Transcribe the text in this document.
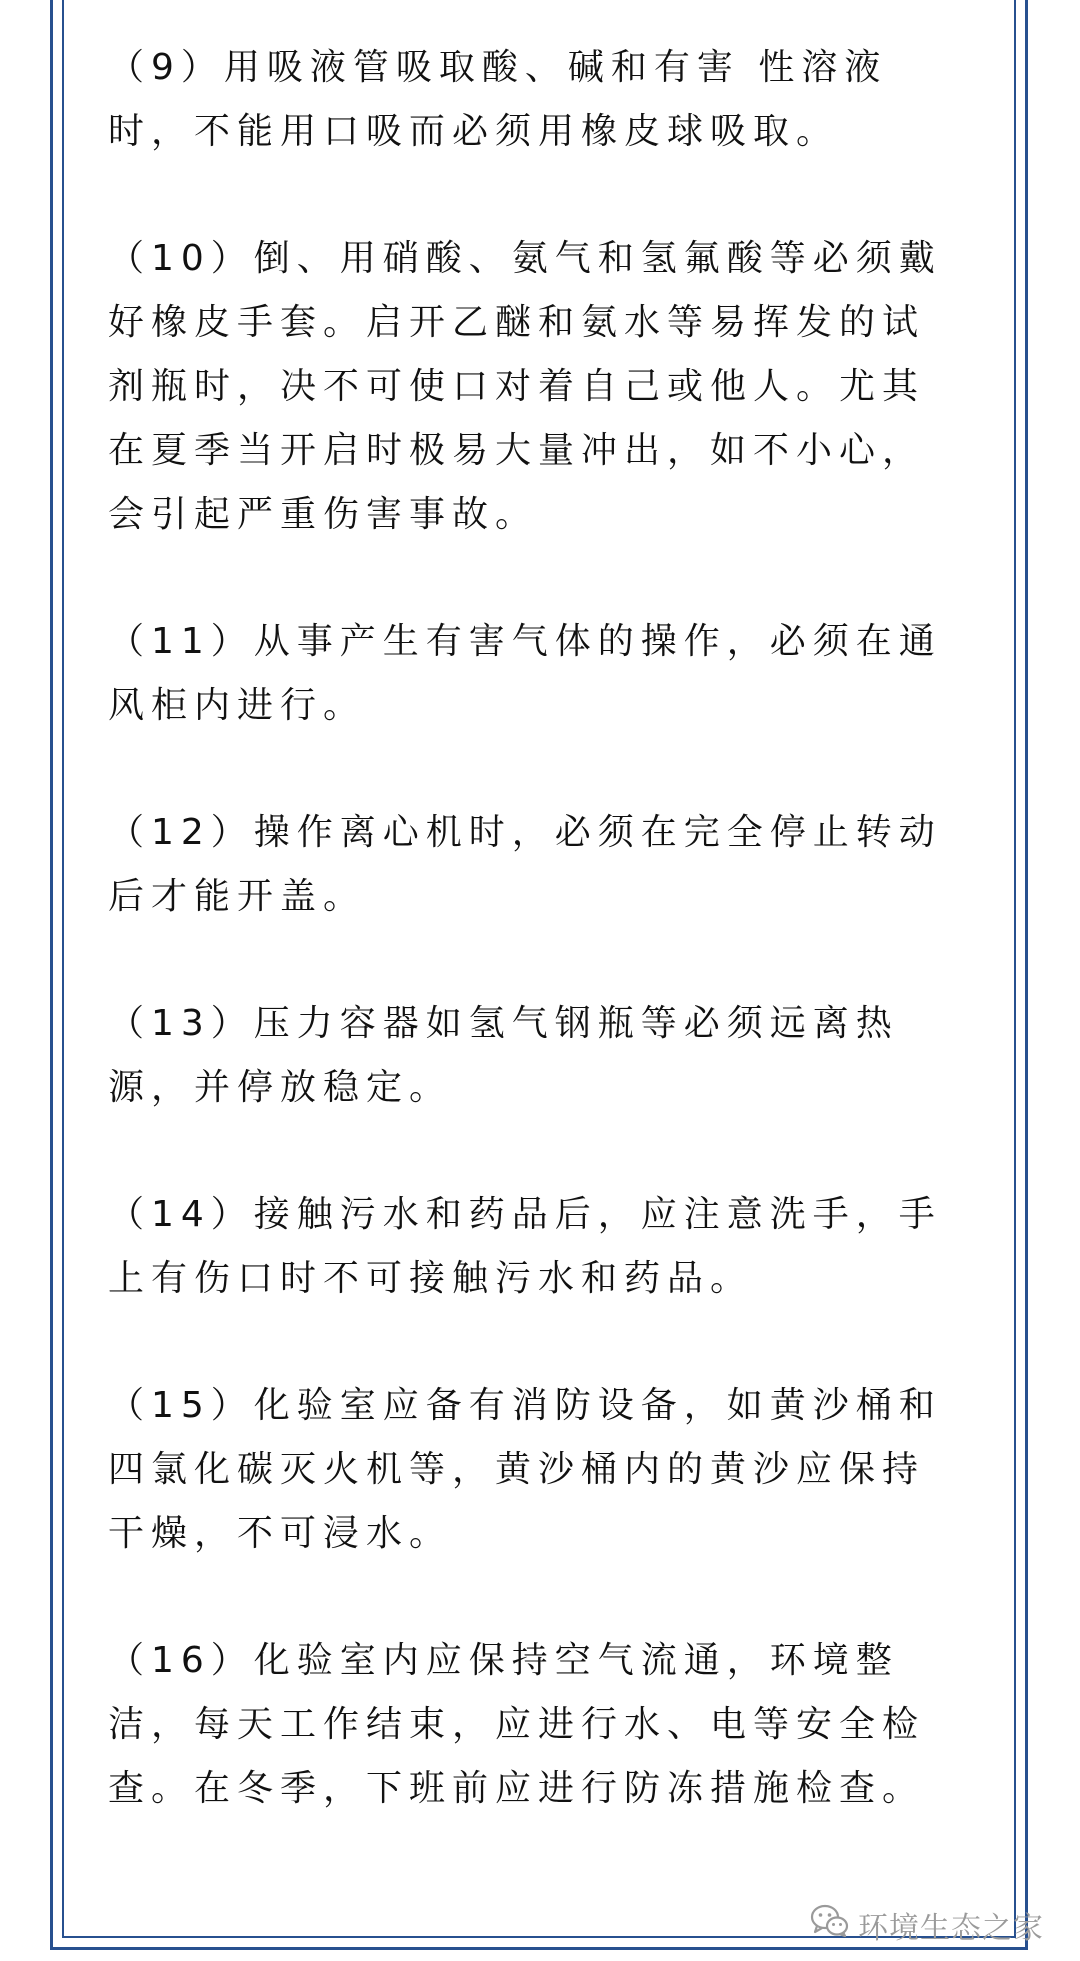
（9）用吸液管吸取酸、碱和有害 性溶液
时，不能用口吸而必须用橡皮球吸取。

（10）倒、用硝酸、氨气和氢氟酸等必须戴
好橡皮手套。启开乙醚和氨水等易挥发的试
剂瓶时，决不可使口对着自己或他人。尤其
在夏季当开启时极易大量冲出，如不小心，
会引起严重伤害事故。

（11）从事产生有害气体的操作，必须在通
风柜内进行。

（12）操作离心机时，必须在完全停止转动
后才能开盖。

（13）压力容器如氢气钢瓶等必须远离热
源，并停放稳定。

（14）接触污水和药品后，应注意洗手，手
上有伤口时不可接触污水和药品。

（15）化验室应备有消防设备，如黄沙桶和
四氯化碳灭火机等，黄沙桶内的黄沙应保持
干燥，不可浸水。

（16）化验室内应保持空气流通，环境整
洁，每天工作结束，应进行水、电等安全检
查。在冬季，下班前应进行防冻措施检查。

环境生态之家
